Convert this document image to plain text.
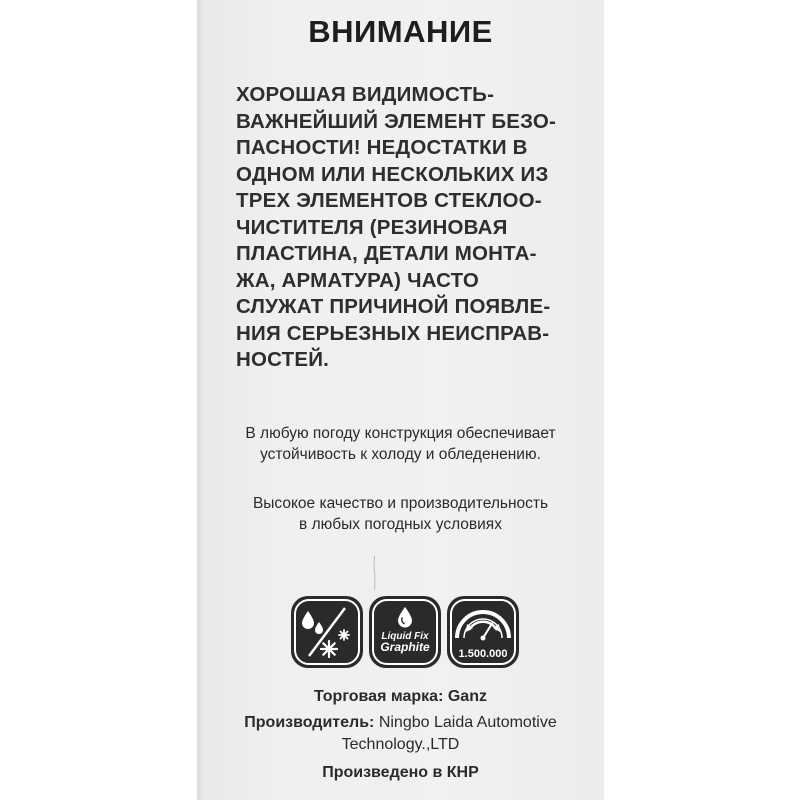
ВНИМАНИЕ
ХОРОШАЯ ВИДИМОСТЬ-
ВАЖНЕЙШИЙ ЭЛЕМЕНТ БЕЗО-
ПАСНОСТИ! НЕДОСТАТКИ В
ОДНОМ ИЛИ НЕСКОЛЬКИХ ИЗ
ТРЕХ ЭЛЕМЕНТОВ СТЕКЛОО-
ЧИСТИТЕЛЯ (РЕЗИНОВАЯ
ПЛАСТИНА, ДЕТАЛИ МОНТА-
ЖА, АРМАТУРА) ЧАСТО
СЛУЖАТ ПРИЧИНОЙ ПОЯВЛЕ-
НИЯ СЕРЬЕЗНЫХ НЕИСПРАВ-
НОСТЕЙ.
В любую погоду конструкция обеспечивает
устойчивость к холоду и обледенению.
Высокое качество и производительность
в любых погодных условиях
Liquid Fix
Graphite	1.500.000
Торговая марка: Ganz
Производитель: Ningbo Laida Automotive
Technology.,LTD
Произведено в КНР
